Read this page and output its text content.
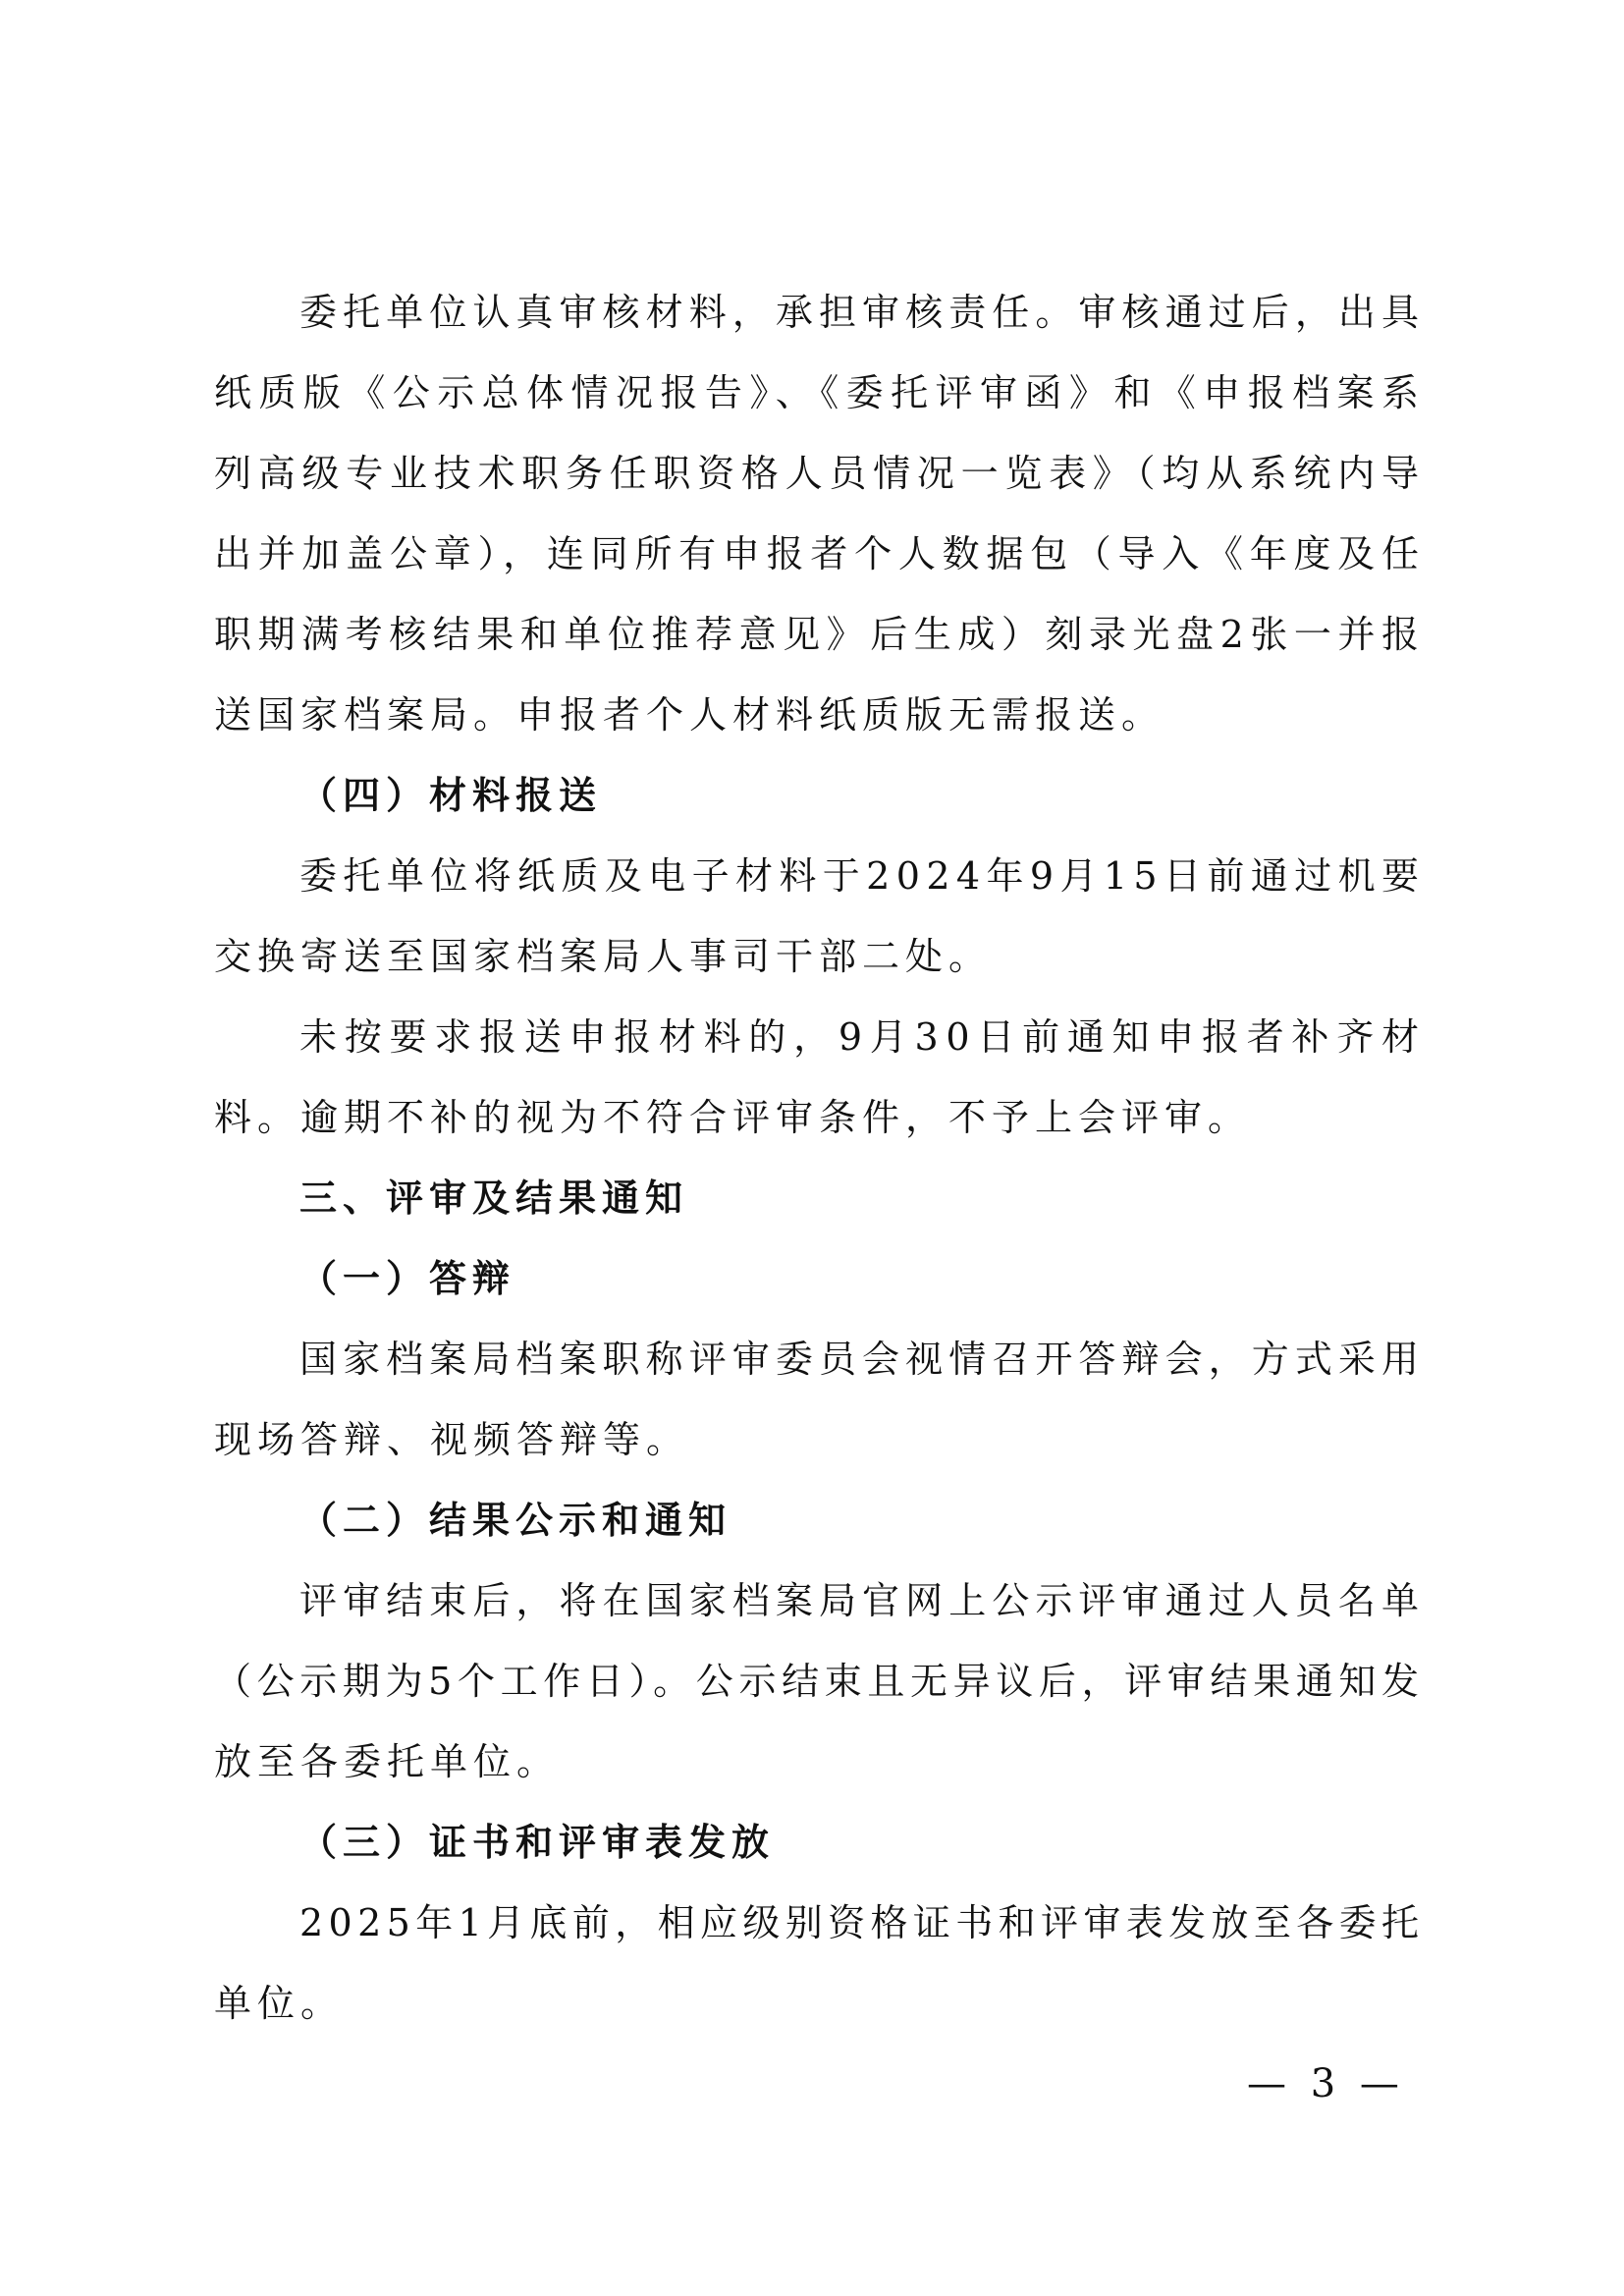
委托单位认真审核材料，承担审核责任。审核通过后，出具
纸质版《公示总体情况报告》、《委托评审函》和《申报档案系
列高级专业技术职务任职资格人员情况一览表》（均从系统内导
出并加盖公章），连同所有申报者个人数据包（导入《年度及任
职期满考核结果和单位推荐意见》后生成）刻录光盘2张一并报
送国家档案局。申报者个人材料纸质版无需报送。
（四）材料报送
委托单位将纸质及电子材料于2024年9月15日前通过机要
交换寄送至国家档案局人事司干部二处。
未按要求报送申报材料的，9月30日前通知申报者补齐材
料。逾期不补的视为不符合评审条件，不予上会评审。
三、评审及结果通知
（一）答辩
国家档案局档案职称评审委员会视情召开答辩会，方式采用
现场答辩、视频答辩等。
（二）结果公示和通知
评审结束后，将在国家档案局官网上公示评审通过人员名单
（公示期为5个工作日）。公示结束且无异议后，评审结果通知发
放至各委托单位。
（三）证书和评审表发放
2025年1月底前，相应级别资格证书和评审表发放至各委托
单位。
— 3 —
